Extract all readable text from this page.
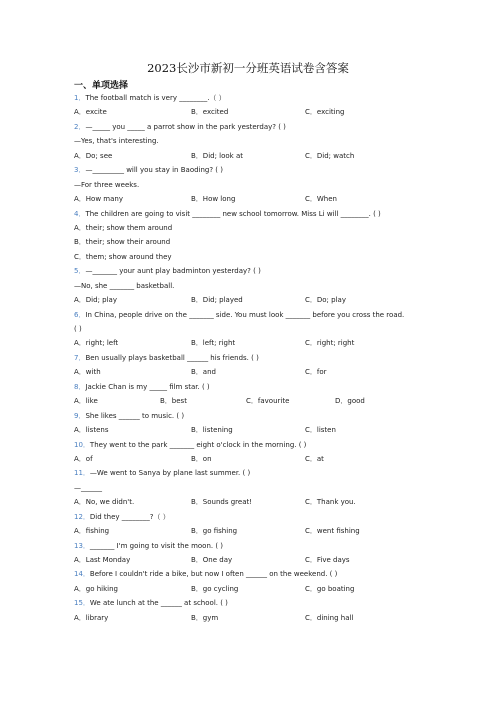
2023长沙市新初一分班英语试卷含答案
一、单项选择
1．The football match is very ________.（ ）
A．excite	B．excited	C．exciting
2．—_____ you _____ a parrot show in the park yesterday? ( )
—Yes, that's interesting.
A．Do; see	B．Did; look at	C．Did; watch
3．—_________ will you stay in Baoding? ( )
—For three weeks.
A．How many	B．How long	C．When
4．The children are going to visit ________ new school tomorrow. Miss Li will ________. ( )
A．their; show them around
B．their; show their around
C．them; show around they
5．—_______ your aunt play badminton yesterday? ( )
—No, she _______ basketball.
A．Did; play	B．Did; played	C．Do; play
6．In China, people drive on the _______ side. You must look _______ before you cross the road.
( )
A．right; left	B．left; right	C．right; right
7．Ben usually plays basketball ______ his friends. ( )
A．with	B．and	C．for
8．Jackie Chan is my _____ film star. ( )
A．like	B．best	C．favourite	D．good
9．She likes ______ to music. ( )
A．listens	B．listening	C．listen
10．They went to the park _______ eight o'clock in the morning. ( )
A．of	B．on	C．at
11．—We went to Sanya by plane last summer. ( )
—______
A．No, we didn't.	B．Sounds great!	C．Thank you.
12．Did they ________?（ ）
A．fishing	B．go fishing	C．went fishing
13．_______ I'm going to visit the moon. ( )
A．Last Monday	B．One day	C．Five days
14．Before I couldn't ride a bike, but now I often ______ on the weekend. ( )
A．go hiking	B．go cycling	C．go boating
15．We ate lunch at the ______ at school. ( )
A．library	B．gym	C．dining hall
